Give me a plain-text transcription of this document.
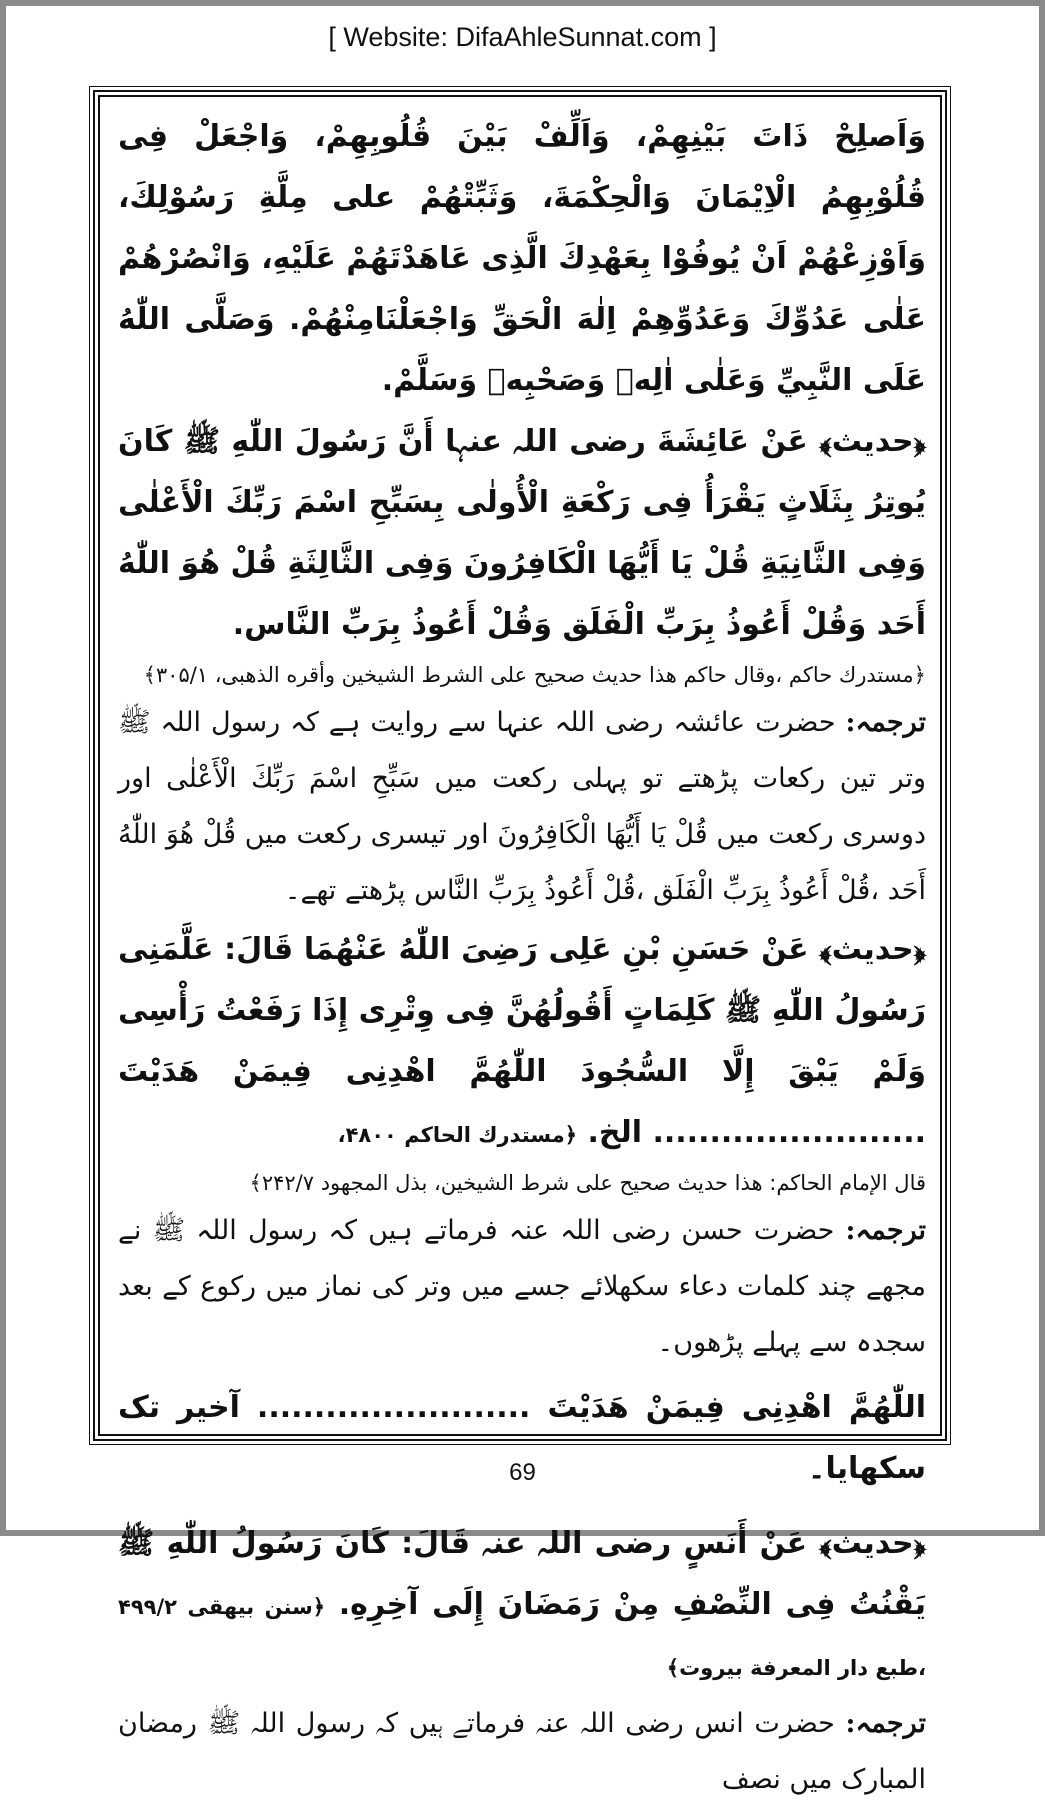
[ Website: DifaAhleSunnat.com ]
وَاَصلِحْ ذَاتَ بَيْنِهِمْ، وَاَلِّفْ بَيْنَ قُلُوبِهِمْ، وَاجْعَلْ فِى قُلُوْبِهِمُ الْاِيْمَانَ وَالْحِكْمَةَ، وَثَبِّتْهُمْ على مِلَّةِ رَسُوْلِكَ، وَاَوْزِعْهُمْ اَنْ يُوفُوْا بِعَهْدِكَ الَّذِى عَاهَدْتَهُمْ عَلَيْهِ، وَانْصُرْهُمْ عَلٰى عَدُوِّكَ وَعَدُوِّهِمْ اِلٰهَ الْحَقِّ وَاجْعَلْنَامِنْهُمْ. وَصَلَّى اللّٰهُ عَلَى النَّبِيِّ وَعَلٰى اٰلِهٖ وَصَحْبِهٖ وَسَلَّمْ.
﴿حديث﴾ عَنْ عَائِشَةَ رضی اللہ عنہا أَنَّ رَسُولَ اللّٰهِ ﷺ كَانَ يُوتِرُ بِثَلَاثٍ يَقْرَأُ فِى رَكْعَةِ الْأُولٰى بِسَبِّحِ اسْمَ رَبِّكَ الْأَعْلٰى وَفِى الثَّانِيَةِ قُلْ يَا أَيُّهَا الْكَافِرُونَ وَفِى الثَّالِثَةِ قُلْ هُوَ اللّٰهُ أَحَد وَقُلْ أَعُوذُ بِرَبِّ الْفَلَق وَقُلْ أَعُوذُ بِرَبِّ النَّاس.
﴿مستدرك حاكم ،وقال حاكم هذا حديث صحيح على الشرط الشيخين وأقره الذهبی، ۳۰۵/۱﴾
ترجمہ: حضرت عائشہ رضی اللہ عنہا سے روایت ہے کہ رسول اللہ ﷺ وتر تین رکعات پڑھتے تو پہلی رکعت میں سَبِّحِ اسْمَ رَبِّكَ الْأَعْلٰى اور دوسری رکعت میں قُلْ يَا أَيُّهَا الْكَافِرُونَ اور تیسری رکعت میں قُلْ هُوَ اللّٰهُ أَحَد ،قُلْ أَعُوذُ بِرَبِّ الْفَلَق ،قُلْ أَعُوذُ بِرَبِّ النَّاس پڑھتے تھے۔
﴿حديث﴾ عَنْ حَسَنِ بْنِ عَلِى رَضِىَ اللّٰهُ عَنْهُمَا قَالَ: عَلَّمَنِى رَسُولُ اللّٰهِ ﷺ كَلِمَاتٍ أَقُولُهُنَّ فِى وِتْرِى إِذَا رَفَعْتُ رَأْسِى وَلَمْ يَبْقَ إِلَّا السُّجُودَ اللّٰهُمَّ اهْدِنِى فِيمَنْ هَدَيْتَ ........................ الخ. ﴿مستدرك الحاكم ۴۸۰۰،
قال الإمام الحاكم: هذا حديث صحيح على شرط الشيخين، بذل المجهود ۲۴۲/۷﴾
ترجمہ: حضرت حسن رضی اللہ عنہ فرماتے ہیں کہ رسول اللہ ﷺ نے مجھے چند کلمات دعاء سکھلائے جسے میں وتر کی نماز میں رکوع کے بعد سجدہ سے پہلے پڑھوں۔
اللّٰهُمَّ اهْدِنِى فِيمَنْ هَدَيْتَ ........................ آخیر تک سکھایا۔
﴿حديث﴾ عَنْ أَنَسٍ رضی اللہ عنہ قَالَ: كَانَ رَسُولُ اللّٰهِ ﷺ يَقْنُتُ فِى النِّصْفِ مِنْ رَمَضَانَ إِلَى آخِرِهِ. ﴿سنن بيهقى ۴۹۹/۲ ،طبع دار المعرفة بيروت﴾
ترجمہ: حضرت انس رضی اللہ عنہ فرماتے ہیں کہ رسول اللہ ﷺ رمضان المبارک میں نصف
69
